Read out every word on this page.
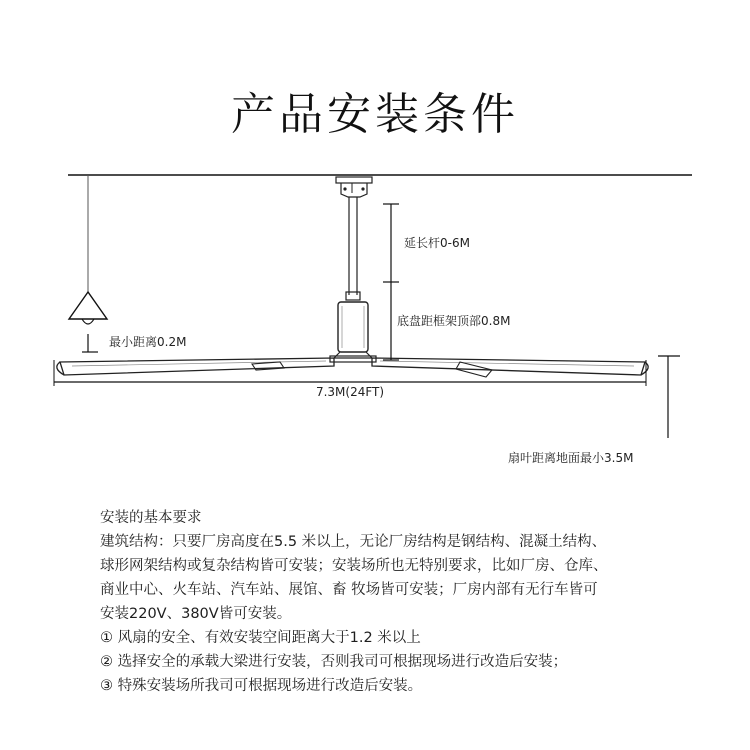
产品安装条件
最小距离0.2M
延长杆0-6M
底盘距框架顶部0.8M
7.3M(24FT)
扇叶距离地面最小3.5M
安装的基本要求
建筑结构：只要厂房高度在5.5 米以上，无论厂房结构是钢结构、混凝土结构、
球形网架结构或复杂结构皆可安装；安装场所也无特别要求，比如厂房、仓库、
商业中心、火车站、汽车站、展馆、畜 牧场皆可安装；厂房内部有无行车皆可
安装220V、380V皆可安装。
① 风扇的安全、有效安装空间距离大于1.2 米以上
② 选择安全的承载大梁进行安装，否则我司可根据现场进行改造后安装；
③ 特殊安装场所我司可根据现场进行改造后安装。
